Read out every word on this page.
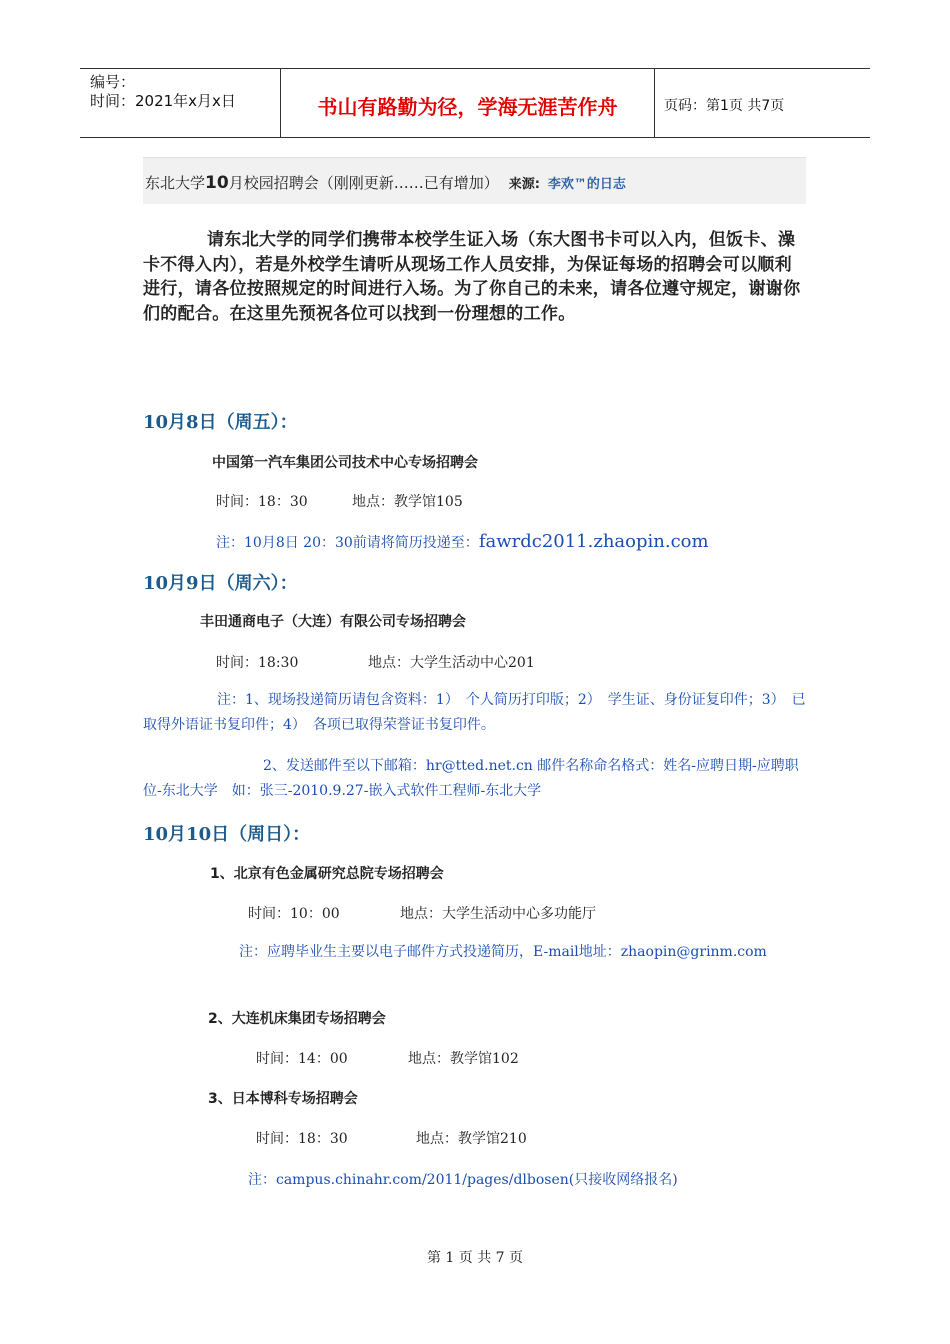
编号：
时间：2021年x月x日	书山有路勤为径，学海无涯苦作舟	页码：第1页 共7页
东北大学10月校园招聘会（刚刚更新……已有增加） 来源: 李欢™的日志
请东北大学的同学们携带本校学生证入场（东大图书卡可以入内，但饭卡、澡卡不得入内），若是外校学生请听从现场工作人员安排，为保证每场的招聘会可以顺利进行，请各位按照规定的时间进行入场。为了你自己的未来，请各位遵守规定，谢谢你们的配合。在这里先预祝各位可以找到一份理想的工作。
10月8日（周五）：
中国第一汽车集团公司技术中心专场招聘会
时间：18：30	地点：教学馆105
注：10月8日 20：30前请将简历投递至：fawrdc2011.zhaopin.com
10月9日（周六）：
丰田通商电子（大连）有限公司专场招聘会
时间：18:30	地点：大学生活动中心201
注：1、现场投递简历请包含资料：1）　个人简历打印版；2）　学生证、身份证复印件；3）　已取得外语证书复印件；4）　各项已取得荣誉证书复印件。
2、发送邮件至以下邮箱：hr@tted.net.cn 邮件名称命名格式：姓名-应聘日期-应聘职位-东北大学　如：张三-2010.9.27-嵌入式软件工程师-东北大学
10月10日（周日）：
1、北京有色金属研究总院专场招聘会
时间：10：00	地点：大学生活动中心多功能厅
注：应聘毕业生主要以电子邮件方式投递简历，E-mail地址：zhaopin@grinm.com
2、大连机床集团专场招聘会
时间：14：00	地点：教学馆102
3、日本博科专场招聘会
时间：18：30	地点：教学馆210
注：campus.chinahr.com/2011/pages/dlbosen(只接收网络报名)
第 1 页 共 7 页
